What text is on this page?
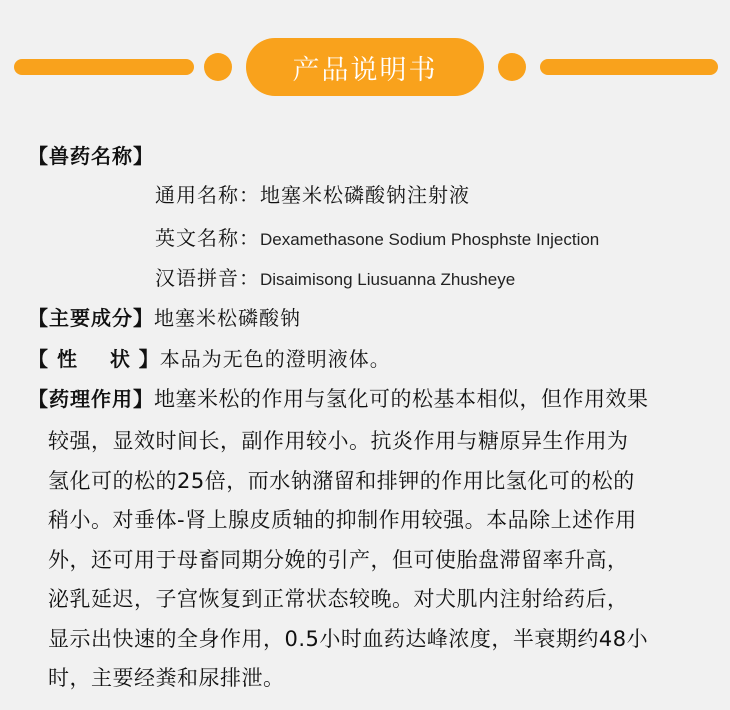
产品说明书
【兽药名称】
通用名称：地塞米松磷酸钠注射液
英文名称：Dexamethasone Sodium Phosphste Injection
汉语拼音：Disaimisong Liusuanna Zhusheye
【主要成分】地塞米松磷酸钠
【 性    状 】本品为无色的澄明液体。
【药理作用】地塞米松的作用与氢化可的松基本相似，但作用效果
较强，显效时间长，副作用较小。抗炎作用与糖原异生作用为
氢化可的松的25倍，而水钠潴留和排钾的作用比氢化可的松的
稍小。对垂体-肾上腺皮质轴的抑制作用较强。本品除上述作用
外，还可用于母畜同期分娩的引产，但可使胎盘滞留率升高，
泌乳延迟，子宫恢复到正常状态较晚。对犬肌内注射给药后，
显示出快速的全身作用，0.5小时血药达峰浓度，半衰期约48小
时，主要经粪和尿排泄。
